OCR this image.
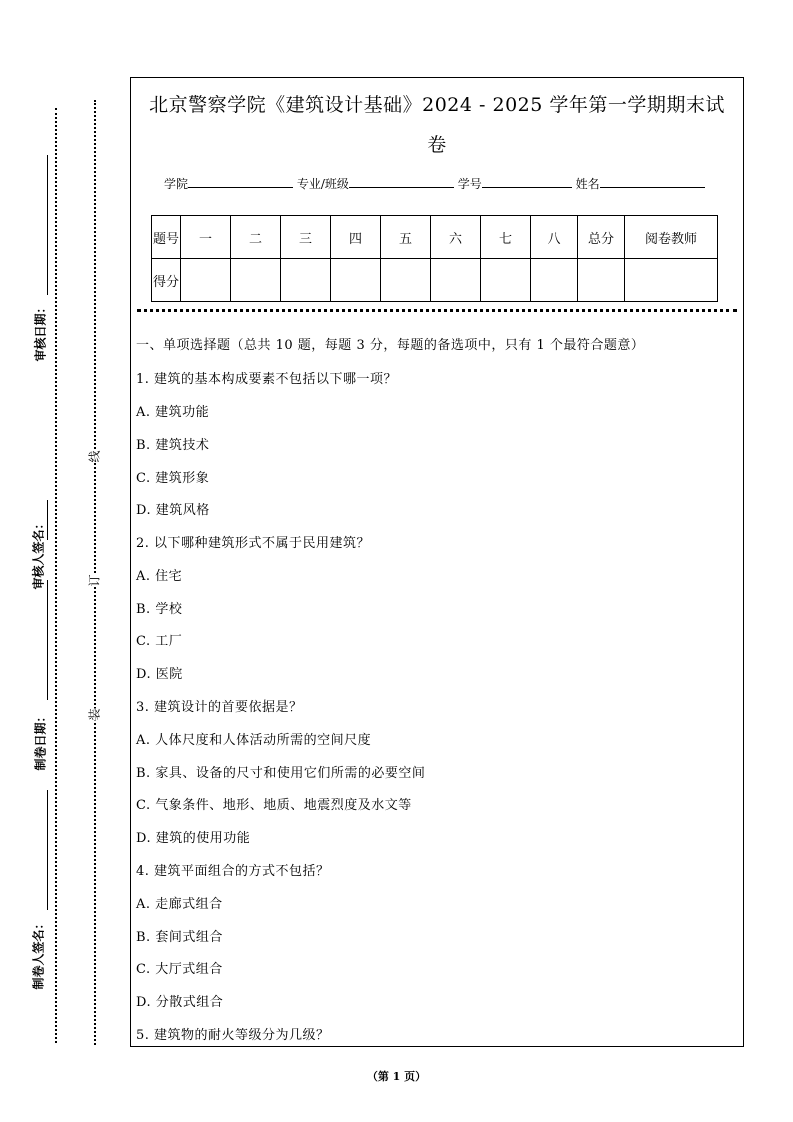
审核日期：
审核人签名：
制卷日期：
制卷人签名：
线
订
装
北京警察学院《建筑设计基础》2024 - 2025 学年第一学期期末试
卷
学院	专业/班级	学号	姓名
题号	一	二	三	四	五	六	七	八	总分	阅卷教师
得分										
一、单项选择题（总共 10 题，每题 3 分，每题的备选项中，只有 1 个最符合题意）
1. 建筑的基本构成要素不包括以下哪一项？
A. 建筑功能
B. 建筑技术
C. 建筑形象
D. 建筑风格
2. 以下哪种建筑形式不属于民用建筑？
A. 住宅
B. 学校
C. 工厂
D. 医院
3. 建筑设计的首要依据是？
A. 人体尺度和人体活动所需的空间尺度
B. 家具、设备的尺寸和使用它们所需的必要空间
C. 气象条件、地形、地质、地震烈度及水文等
D. 建筑的使用功能
4. 建筑平面组合的方式不包括？
A. 走廊式组合
B. 套间式组合
C. 大厅式组合
D. 分散式组合
5. 建筑物的耐火等级分为几级？
（第 1 页）
